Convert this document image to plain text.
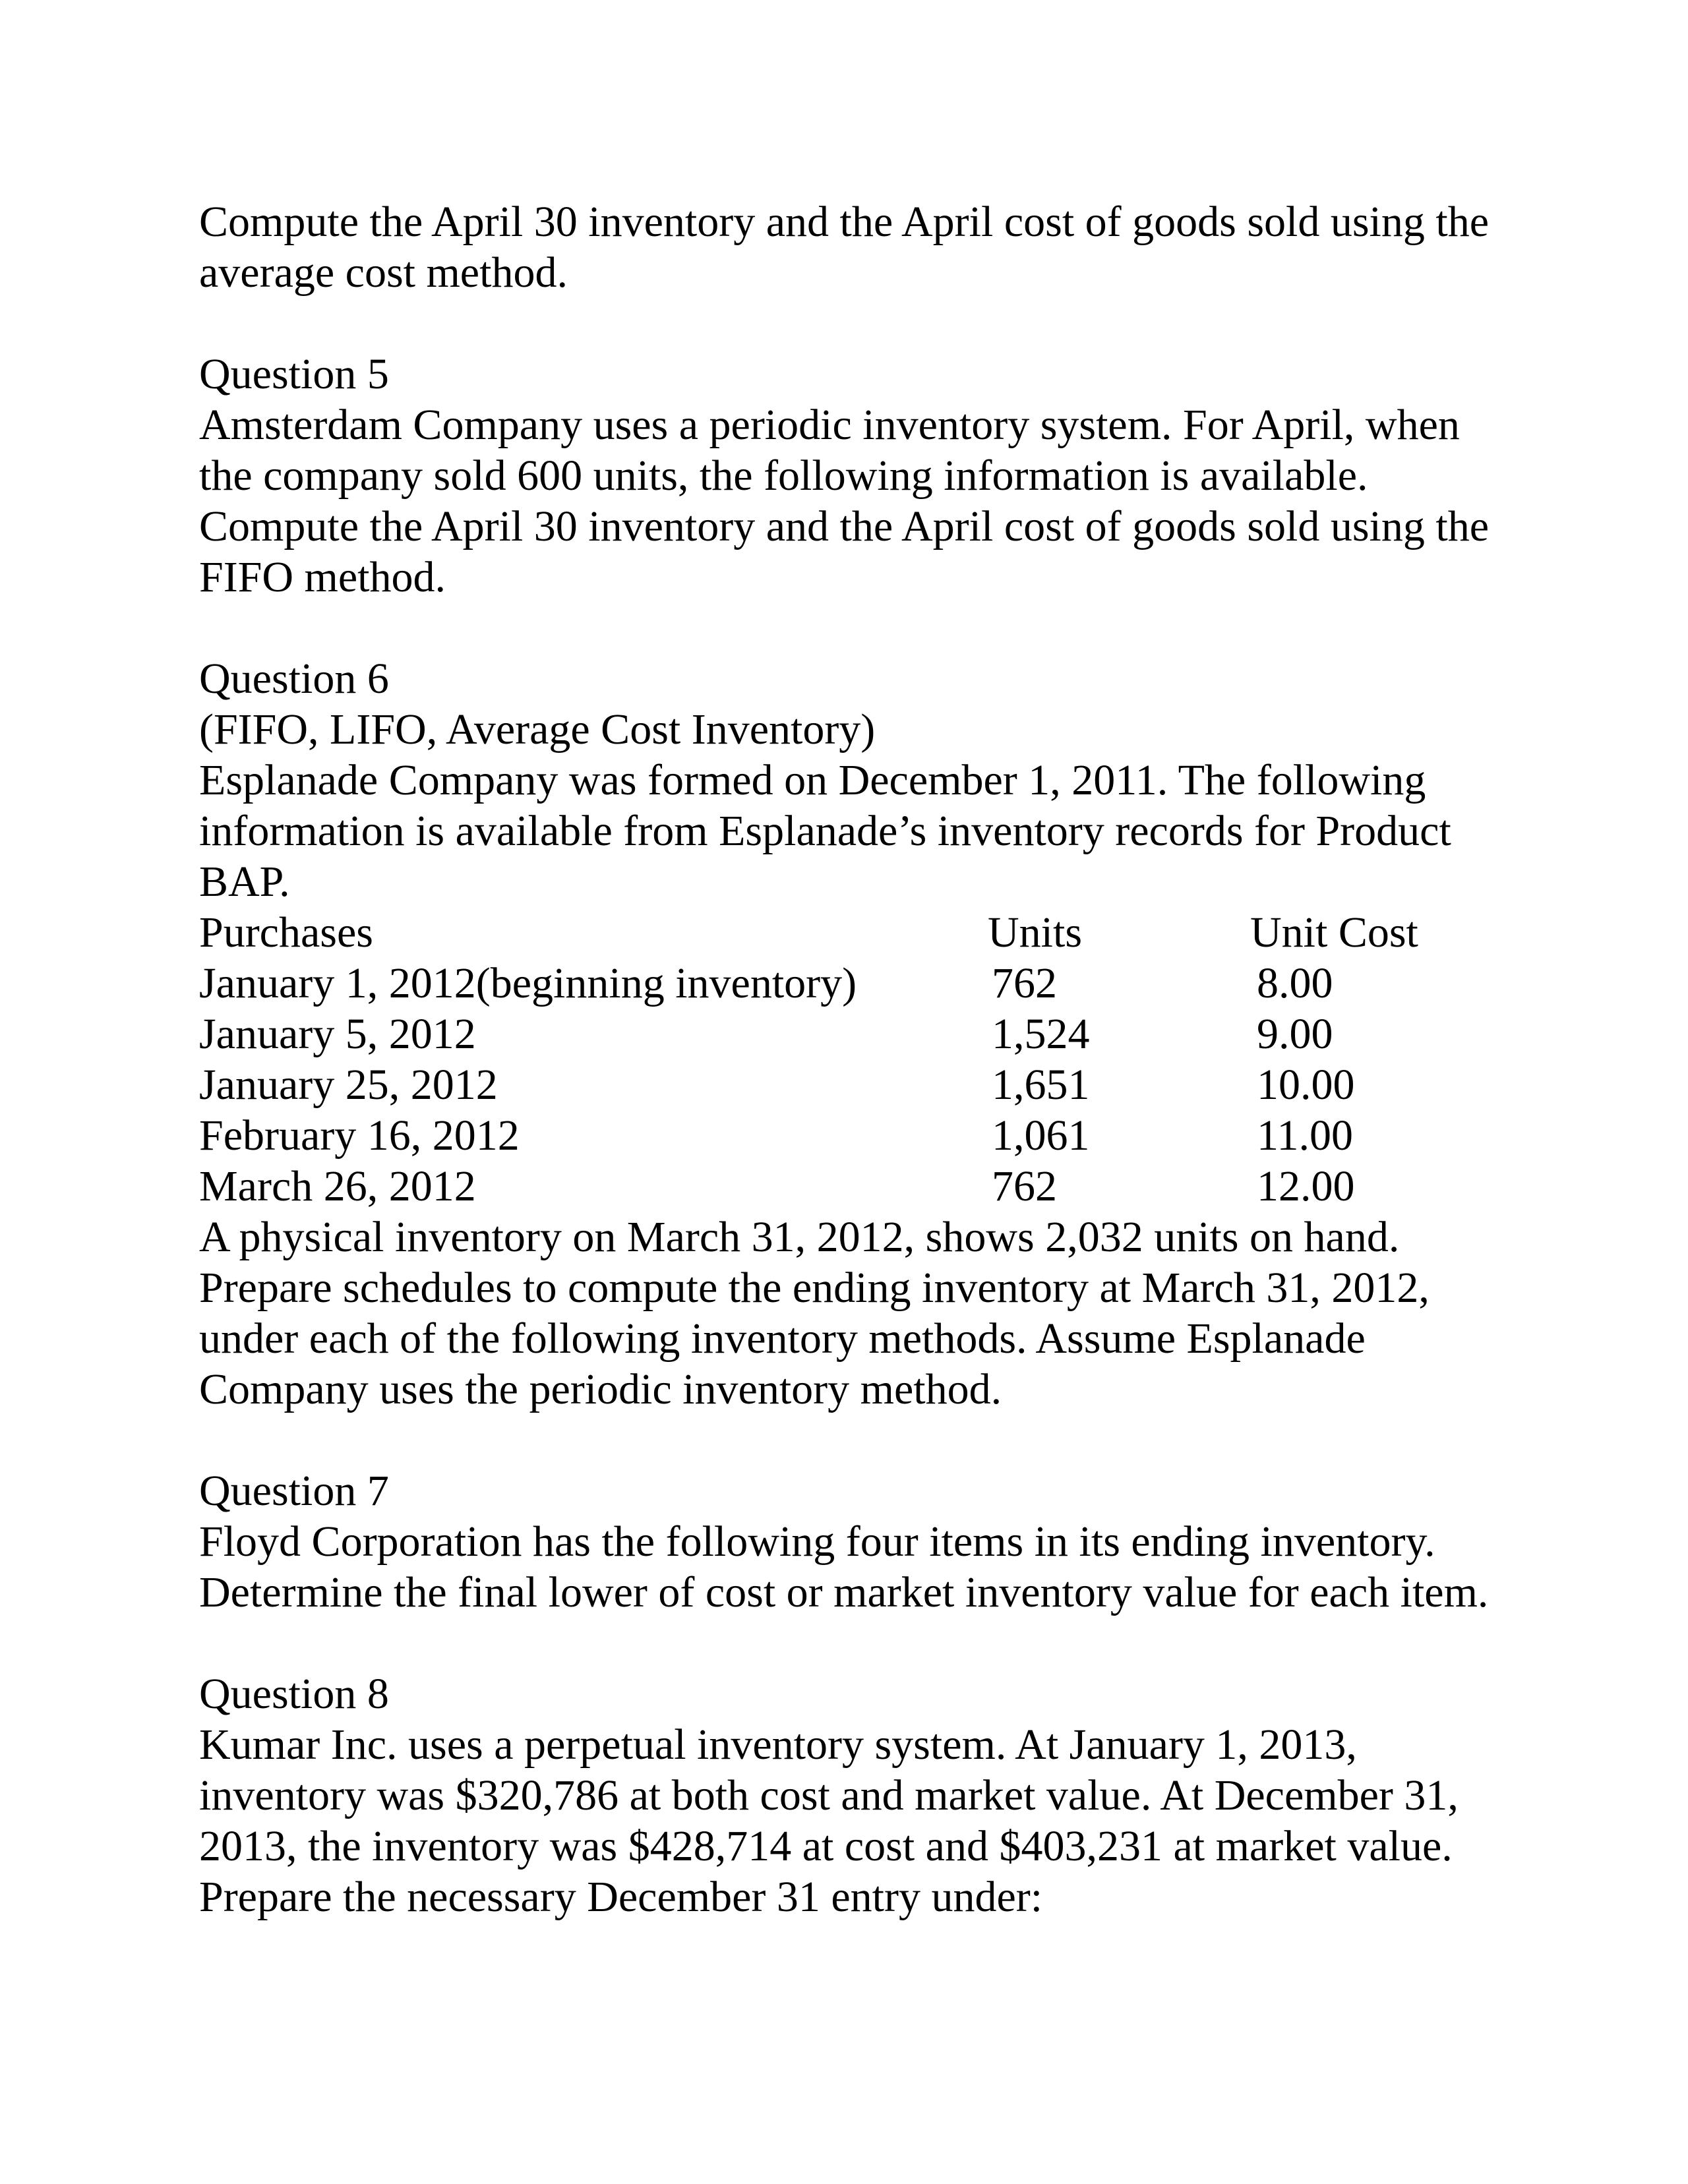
Compute the April 30 inventory and the April cost of goods sold using the average cost method.

Question 5

Amsterdam Company uses a periodic inventory system. For April, when the company sold 600 units, the following information is available. Compute the April 30 inventory and the April cost of goods sold using the FIFO method.

Question 6

(FIFO, LIFO, Average Cost Inventory)

Esplanade Company was formed on December 1, 2011. The following information is available from Esplanade’s inventory records for Product BAP.

Purchases	Units	Unit Cost
January 1, 2012(beginning inventory)	762	8.00
January 5, 2012	1,524	9.00
January 25, 2012	1,651	10.00
February 16, 2012	1,061	11.00
March 26, 2012	762	12.00

A physical inventory on March 31, 2012, shows 2,032 units on hand. Prepare schedules to compute the ending inventory at March 31, 2012, under each of the following inventory methods. Assume Esplanade Company uses the periodic inventory method.

Question 7

Floyd Corporation has the following four items in its ending inventory. Determine the final lower of cost or market inventory value for each item.

Question 8

Kumar Inc. uses a perpetual inventory system. At January 1, 2013, inventory was $320,786 at both cost and market value. At December 31, 2013, the inventory was $428,714 at cost and $403,231 at market value. Prepare the necessary December 31 entry under:
